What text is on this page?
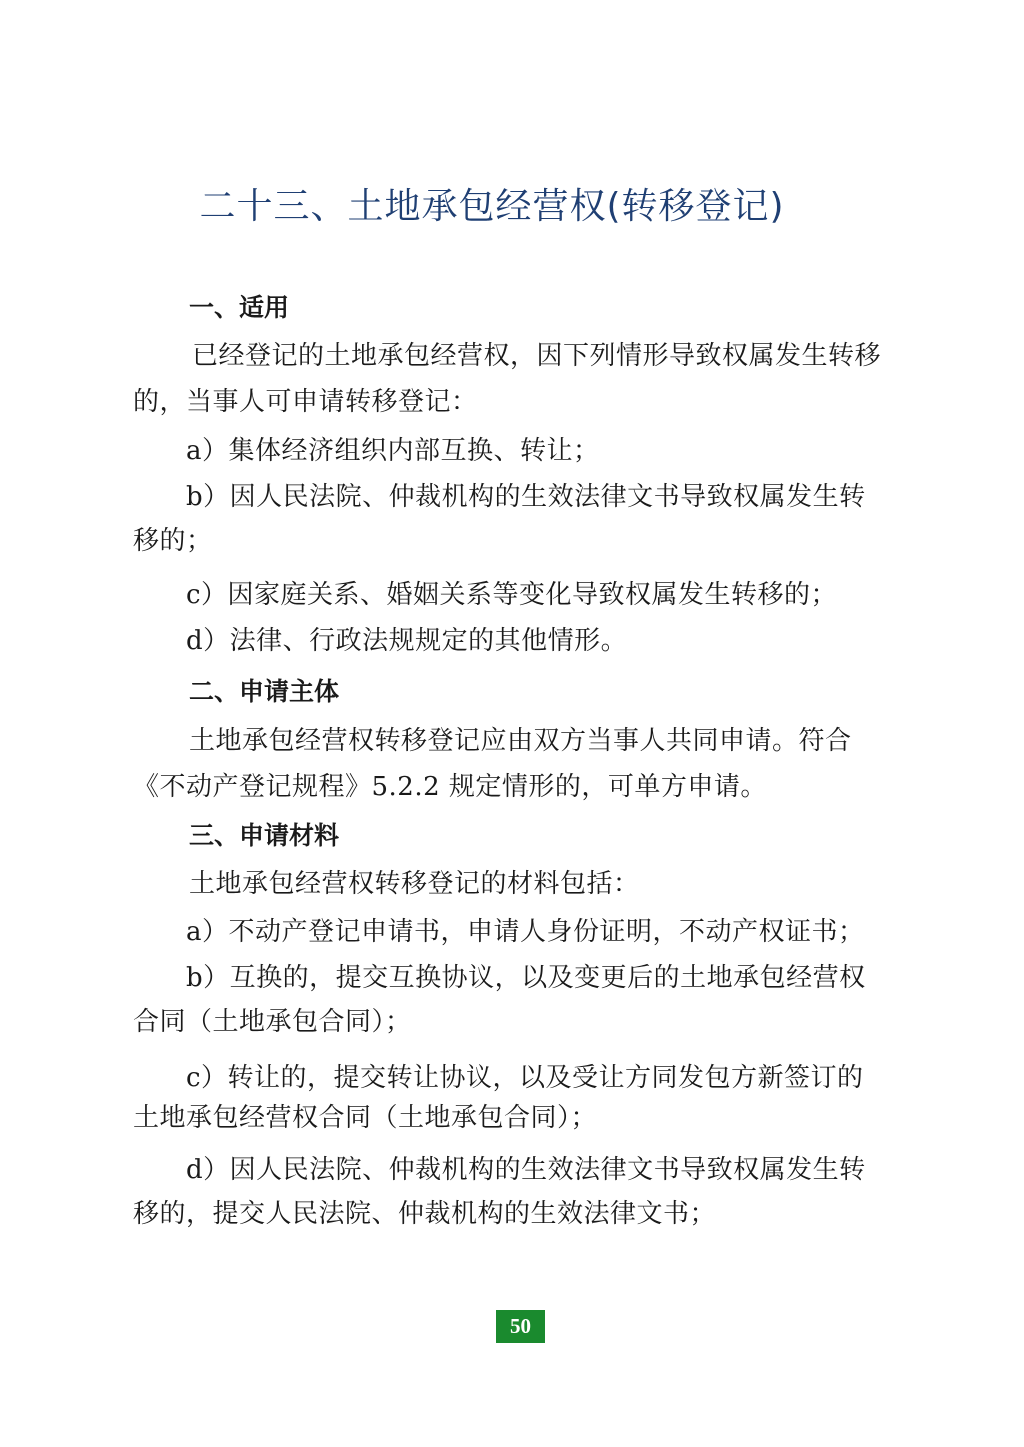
二十三、土地承包经营权(转移登记)
一、适用
已经登记的土地承包经营权，因下列情形导致权属发生转移
的，当事人可申请转移登记：
a）集体经济组织内部互换、转让；
b）因人民法院、仲裁机构的生效法律文书导致权属发生转
移的；
c）因家庭关系、婚姻关系等变化导致权属发生转移的；
d）法律、行政法规规定的其他情形。
二、申请主体
土地承包经营权转移登记应由双方当事人共同申请。符合
《不动产登记规程》5.2.2 规定情形的，可单方申请。
三、申请材料
土地承包经营权转移登记的材料包括：
a）不动产登记申请书，申请人身份证明，不动产权证书；
b）互换的，提交互换协议，以及变更后的土地承包经营权
合同（土地承包合同）；
c）转让的，提交转让协议，以及受让方同发包方新签订的
土地承包经营权合同（土地承包合同）；
d）因人民法院、仲裁机构的生效法律文书导致权属发生转
移的，提交人民法院、仲裁机构的生效法律文书；
50
